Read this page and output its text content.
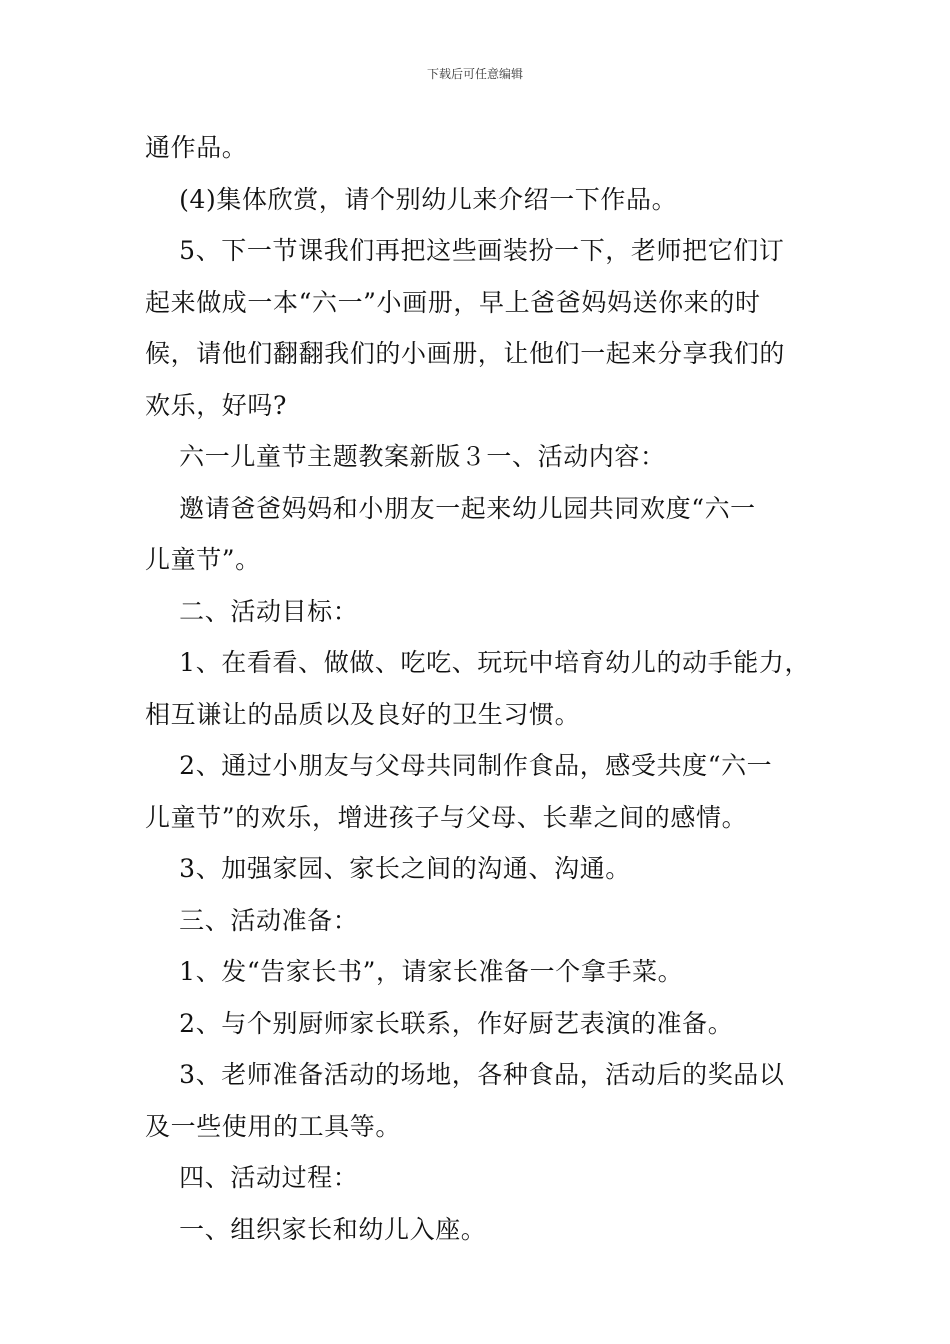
下载后可任意编辑
通作品。
(4)集体欣赏，请个别幼儿来介绍一下作品。
5、下一节课我们再把这些画装扮一下，老师把它们订
起来做成一本“六一”小画册，早上爸爸妈妈送你来的时
候，请他们翻翻我们的小画册，让他们一起来分享我们的
欢乐，好吗?
六一儿童节主题教案新版３一、活动内容：
邀请爸爸妈妈和小朋友一起来幼儿园共同欢度“六一
儿童节”。
二、活动目标：
1、在看看、做做、吃吃、玩玩中培育幼儿的动手能力，
相互谦让的品质以及良好的卫生习惯。
2、通过小朋友与父母共同制作食品，感受共度“六一
儿童节”的欢乐，增进孩子与父母、长辈之间的感情。
3、加强家园、家长之间的沟通、沟通。
三、活动准备：
1、发“告家长书”，请家长准备一个拿手菜。
2、与个别厨师家长联系，作好厨艺表演的准备。
3、老师准备活动的场地，各种食品，活动后的奖品以
及一些使用的工具等。
四、活动过程：
一、组织家长和幼儿入座。
